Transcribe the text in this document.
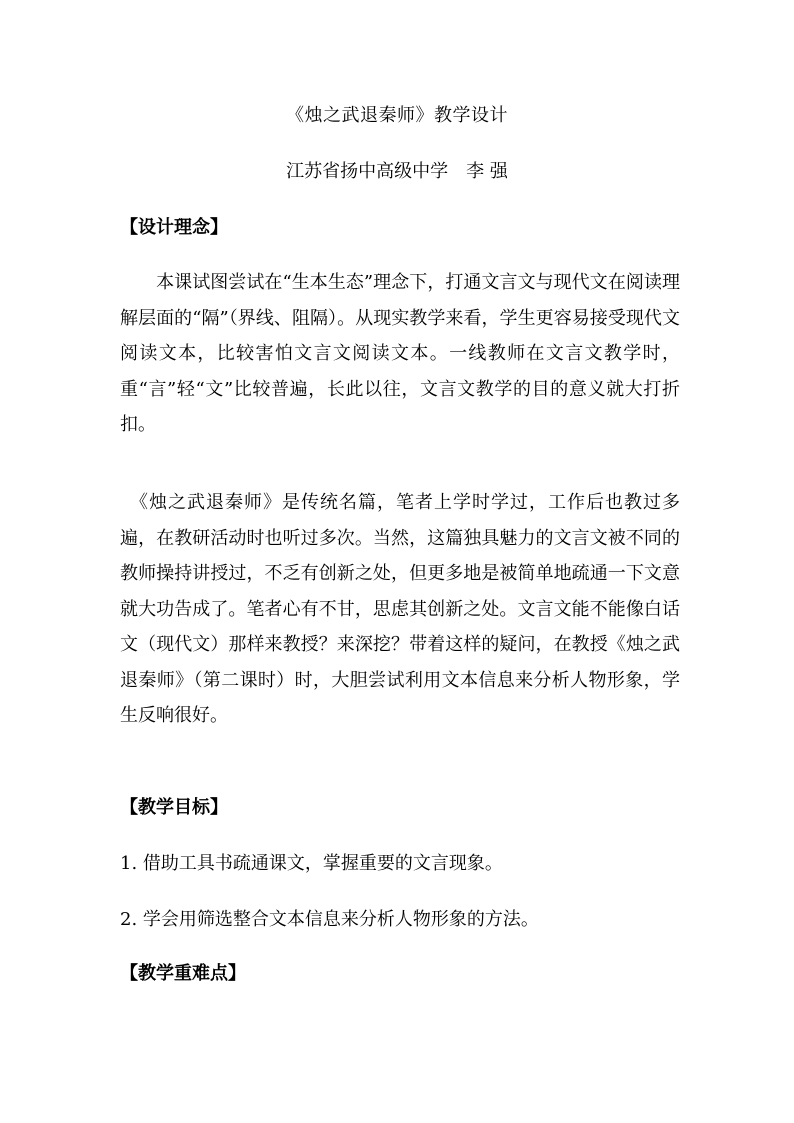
《烛之武退秦师》教学设计
江苏省扬中高级中学　李 强
【设计理念】

　　本课试图尝试在“生本生态”理念下，打通文言文与现代文在阅读理解层面的“隔”（界线、阻隔）。从现实教学来看，学生更容易接受现代文阅读文本，比较害怕文言文阅读文本。一线教师在文言文教学时，重“言”轻“文”比较普遍，长此以往，文言文教学的目的意义就大打折扣。

《烛之武退秦师》是传统名篇，笔者上学时学过，工作后也教过多遍，在教研活动时也听过多次。当然，这篇独具魅力的文言文被不同的教师操持讲授过，不乏有创新之处，但更多地是被简单地疏通一下文意就大功告成了。笔者心有不甘，思虑其创新之处。文言文能不能像白话文（现代文）那样来教授？来深挖？带着这样的疑问，在教授《烛之武退秦师》（第二课时）时，大胆尝试利用文本信息来分析人物形象，学生反响很好。

【教学目标】
1. 借助工具书疏通课文，掌握重要的文言现象。
2. 学会用筛选整合文本信息来分析人物形象的方法。
【教学重难点】
